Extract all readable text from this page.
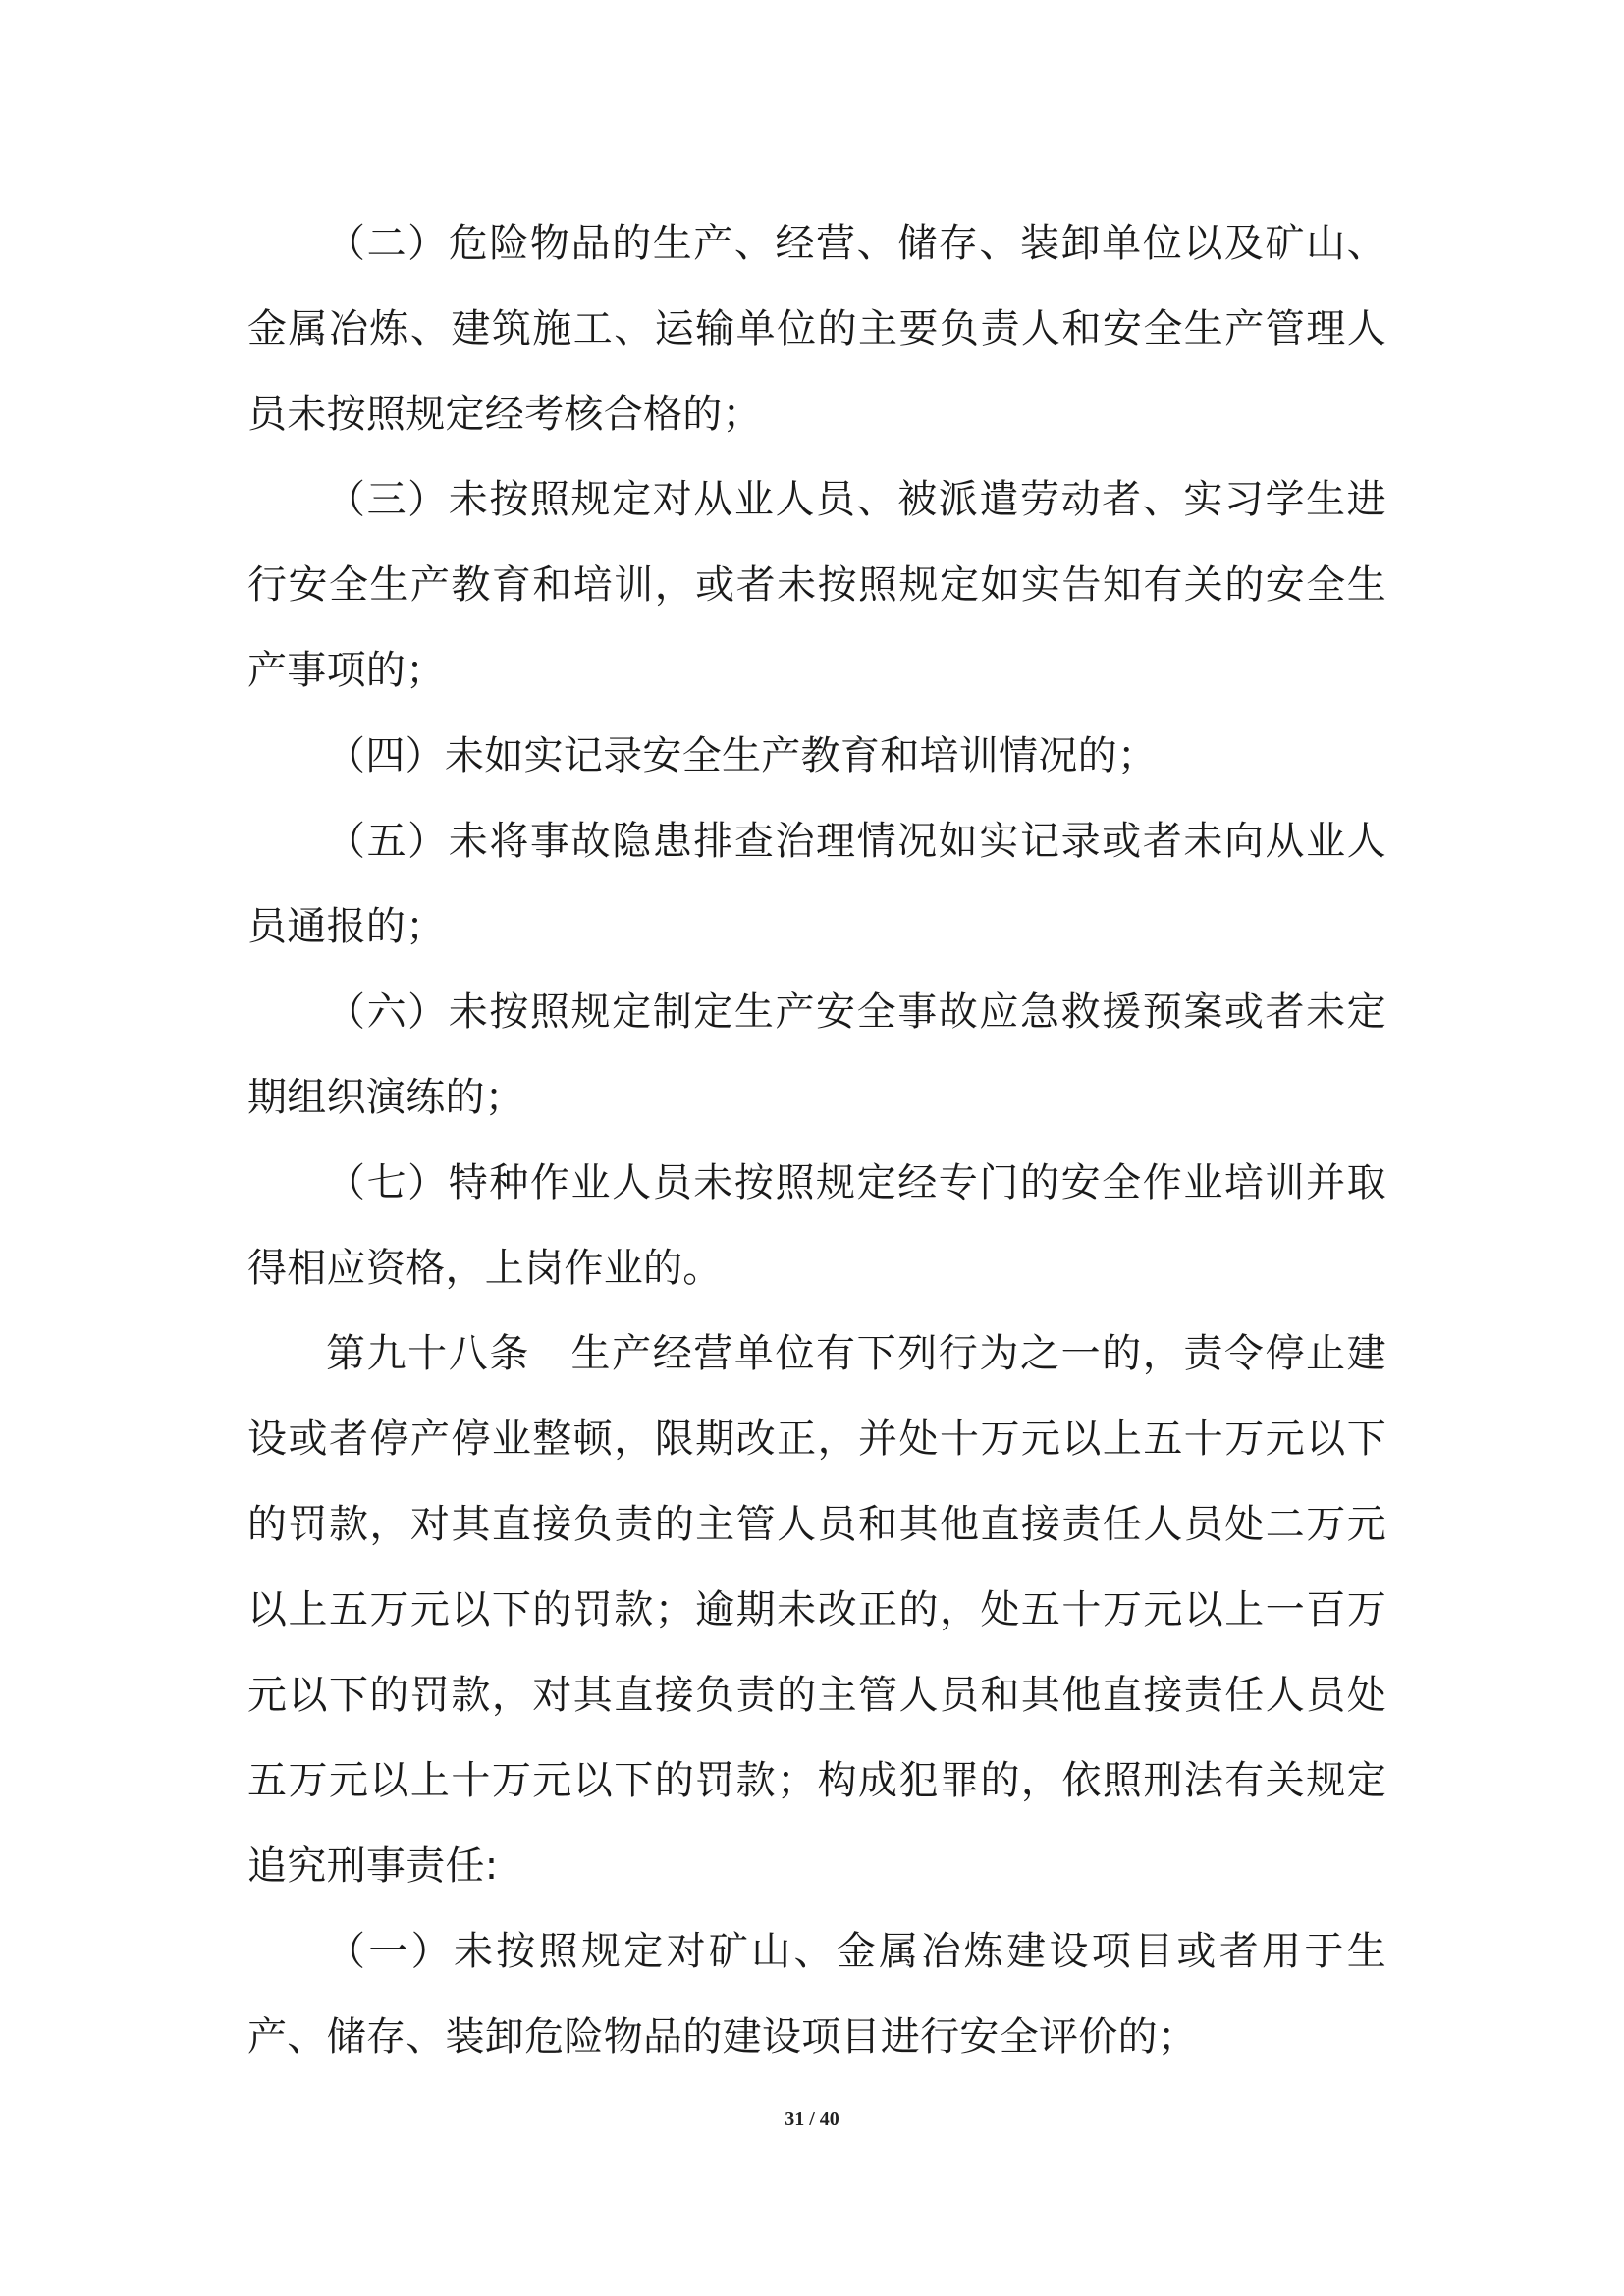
（二）危险物品的生产、经营、储存、装卸单位以及矿山、金属冶炼、建筑施工、运输单位的主要负责人和安全生产管理人员未按照规定经考核合格的；

（三）未按照规定对从业人员、被派遣劳动者、实习学生进行安全生产教育和培训，或者未按照规定如实告知有关的安全生产事项的；

（四）未如实记录安全生产教育和培训情况的；

（五）未将事故隐患排查治理情况如实记录或者未向从业人员通报的；

（六）未按照规定制定生产安全事故应急救援预案或者未定期组织演练的；

（七）特种作业人员未按照规定经专门的安全作业培训并取得相应资格，上岗作业的。

第九十八条　生产经营单位有下列行为之一的，责令停止建设或者停产停业整顿，限期改正，并处十万元以上五十万元以下的罚款，对其直接负责的主管人员和其他直接责任人员处二万元以上五万元以下的罚款；逾期未改正的，处五十万元以上一百万元以下的罚款，对其直接负责的主管人员和其他直接责任人员处五万元以上十万元以下的罚款；构成犯罪的，依照刑法有关规定追究刑事责任:

（一）未按照规定对矿山、金属冶炼建设项目或者用于生产、储存、装卸危险物品的建设项目进行安全评价的；

31 / 40
